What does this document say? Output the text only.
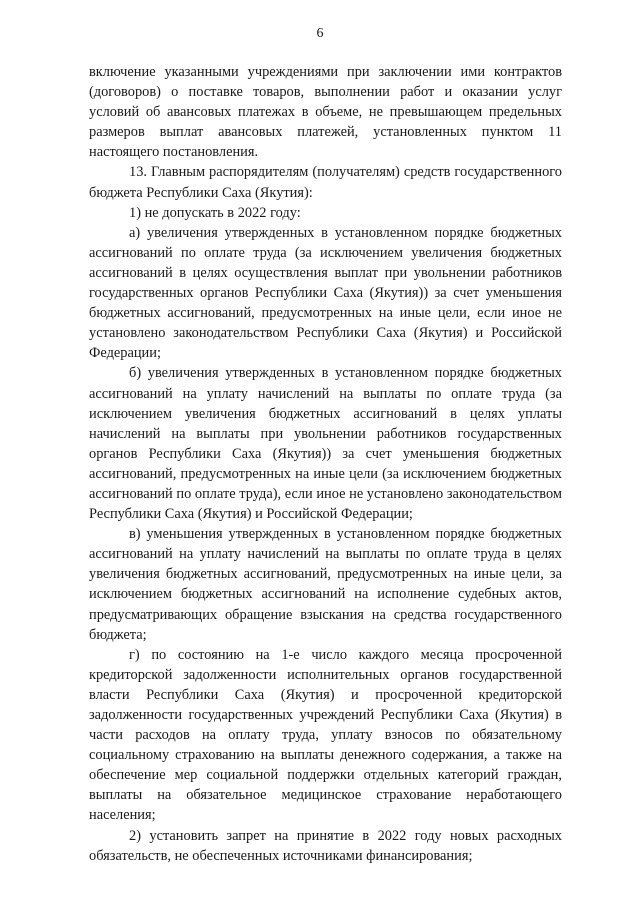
6

включение указанными учреждениями при заключении ими контрактов (договоров) о поставке товаров, выполнении работ и оказании услуг условий об авансовых платежах в объеме, не превышающем предельных размеров выплат авансовых платежей, установленных пунктом 11 настоящего постановления.

13. Главным распорядителям (получателям) средств государственного бюджета Республики Саха (Якутия):

1) не допускать в 2022 году:

а) увеличения утвержденных в установленном порядке бюджетных ассигнований по оплате труда (за исключением увеличения бюджетных ассигнований в целях осуществления выплат при увольнении работников государственных органов Республики Саха (Якутия)) за счет уменьшения бюджетных ассигнований, предусмотренных на иные цели, если иное не установлено законодательством Республики Саха (Якутия) и Российской Федерации;

б) увеличения утвержденных в установленном порядке бюджетных ассигнований на уплату начислений на выплаты по оплате труда (за исключением увеличения бюджетных ассигнований в целях уплаты начислений на выплаты при увольнении работников государственных органов Республики Саха (Якутия)) за счет уменьшения бюджетных ассигнований, предусмотренных на иные цели (за исключением бюджетных ассигнований по оплате труда), если иное не установлено законодательством Республики Саха (Якутия) и Российской Федерации;

в) уменьшения утвержденных в установленном порядке бюджетных ассигнований на уплату начислений на выплаты по оплате труда в целях увеличения бюджетных ассигнований, предусмотренных на иные цели, за исключением бюджетных ассигнований на исполнение судебных актов, предусматривающих обращение взыскания на средства государственного бюджета;

г) по состоянию на 1-е число каждого месяца просроченной кредиторской задолженности исполнительных органов государственной власти Республики Саха (Якутия) и просроченной кредиторской задолженности государственных учреждений Республики Саха (Якутия) в части расходов на оплату труда, уплату взносов по обязательному социальному страхованию на выплаты денежного содержания, а также на обеспечение мер социальной поддержки отдельных категорий граждан, выплаты на обязательное медицинское страхование неработающего населения;

2) установить запрет на принятие в 2022 году новых расходных обязательств, не обеспеченных источниками финансирования;
